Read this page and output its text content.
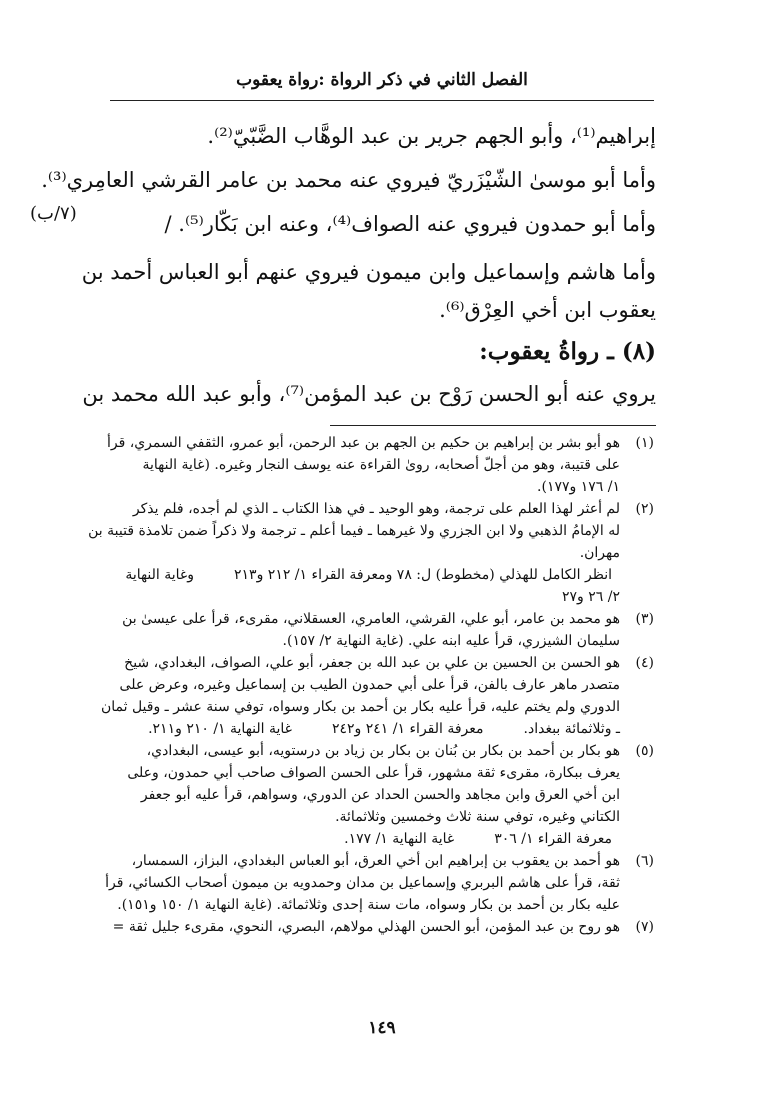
الفصل الثاني في ذكر الرواة :رواة يعقوب
(٧/ب)

إبراهيم⁽¹⁾، وأبو الجهم جرير بن عبد الوهَّاب الضَّبّيّ⁽²⁾.

وأما أبو موسىٰ الشّيْزَريّ فيروي عنه محمد بن عامر القرشي العامِري⁽³⁾.

وأما أبو حمدون فيروي عنه الصواف⁽⁴⁾، وعنه ابن بَكّار⁽⁵⁾. /

وأما هاشم وإسماعيل وابن ميمون فيروي عنهم أبو العباس أحمد بن

يعقوب ابن أخي العِرْق⁽⁶⁾.

(٨) ـ رواةُ يعقوب:

يروي عنه أبو الحسن رَوْح بن عبد المؤمن⁽⁷⁾، وأبو عبد الله محمد بن

(١)

هو أبو بشر بن إبراهيم بن حكيم بن الجهم بن عبد الرحمن، أبو عمرو، الثقفي السمري، قرأ

على قتيبة، وهو من أجلّ أصحابه، روىٰ القراءة عنه يوسف النجار وغيره. (غاية النهاية

١/ ١٧٦ و١٧٧).

(٢)

لم أعثر لهذا العلم على ترجمة، وهو الوحيد ـ في هذا الكتاب ـ الذي لم أجده، فلم يذكر

له الإمامُ الذهبي ولا ابن الجزري ولا غيرهما ـ فيما أعلم ـ ترجمة ولا ذكراً ضمن تلامذة قتيبة بن

مهران.

انظر الكامل للهذلي (مخطوط) ل: ٧٨ ومعرفة القراء ١/ ٢١٢ و٢١٣وغاية النهاية

٢/ ٢٦ و٢٧

(٣)

هو محمد بن عامر، أبو علي، القرشي، العامري، العسقلاني، مقرىء، قرأ على عيسىٰ بن

سليمان الشيزري، قرأ عليه ابنه علي. (غاية النهاية ٢/ ١٥٧).

(٤)

هو الحسن بن الحسين بن علي بن عبد الله بن جعفر، أبو علي، الصواف، البغدادي، شيخ

متصدر ماهر عارف بالفن، قرأ على أبي حمدون الطيب بن إسماعيل وغيره، وعرض على

الدوري ولم يختم عليه، قرأ عليه بكار بن أحمد بن بكار وسواه، توفي سنة عشر ـ وقيل ثمان

ـ وثلاثمائة ببغداد.معرفة القراء ١/ ٢٤١ و٢٤٢غاية النهاية ١/ ٢١٠ و٢١١.

(٥)

هو بكار بن أحمد بن بكار بن بُنان بن بكار بن زياد بن درستويه، أبو عيسى، البغدادي،

يعرف ببكارة، مقرىء ثقة مشهور، قرأ على الحسن الصواف صاحب أبي حمدون، وعلى

ابن أخي العرق وابن مجاهد والحسن الحداد عن الدوري، وسواهم، قرأ عليه أبو جعفر

الكتاني وغيره، توفي سنة ثلاث وخمسين وثلاثمائة.

معرفة القراء ١/ ٣٠٦غاية النهاية ١/ ١٧٧.

(٦)

هو أحمد بن يعقوب بن إبراهيم ابن أخي العرق، أبو العباس البغدادي، البزاز، السمسار،

ثقة، قرأ على هاشم البربري وإسماعيل بن مدان وحمدويه بن ميمون أصحاب الكسائي، قرأ

عليه بكار بن أحمد بن بكار وسواه، مات سنة إحدى وثلاثمائة. (غاية النهاية ١/ ١٥٠ و١٥١).

(٧)

هو روح بن عبد المؤمن، أبو الحسن الهذلي مولاهم، البصري، النحوي، مقرىء جليل ثقة =

١٤٩
